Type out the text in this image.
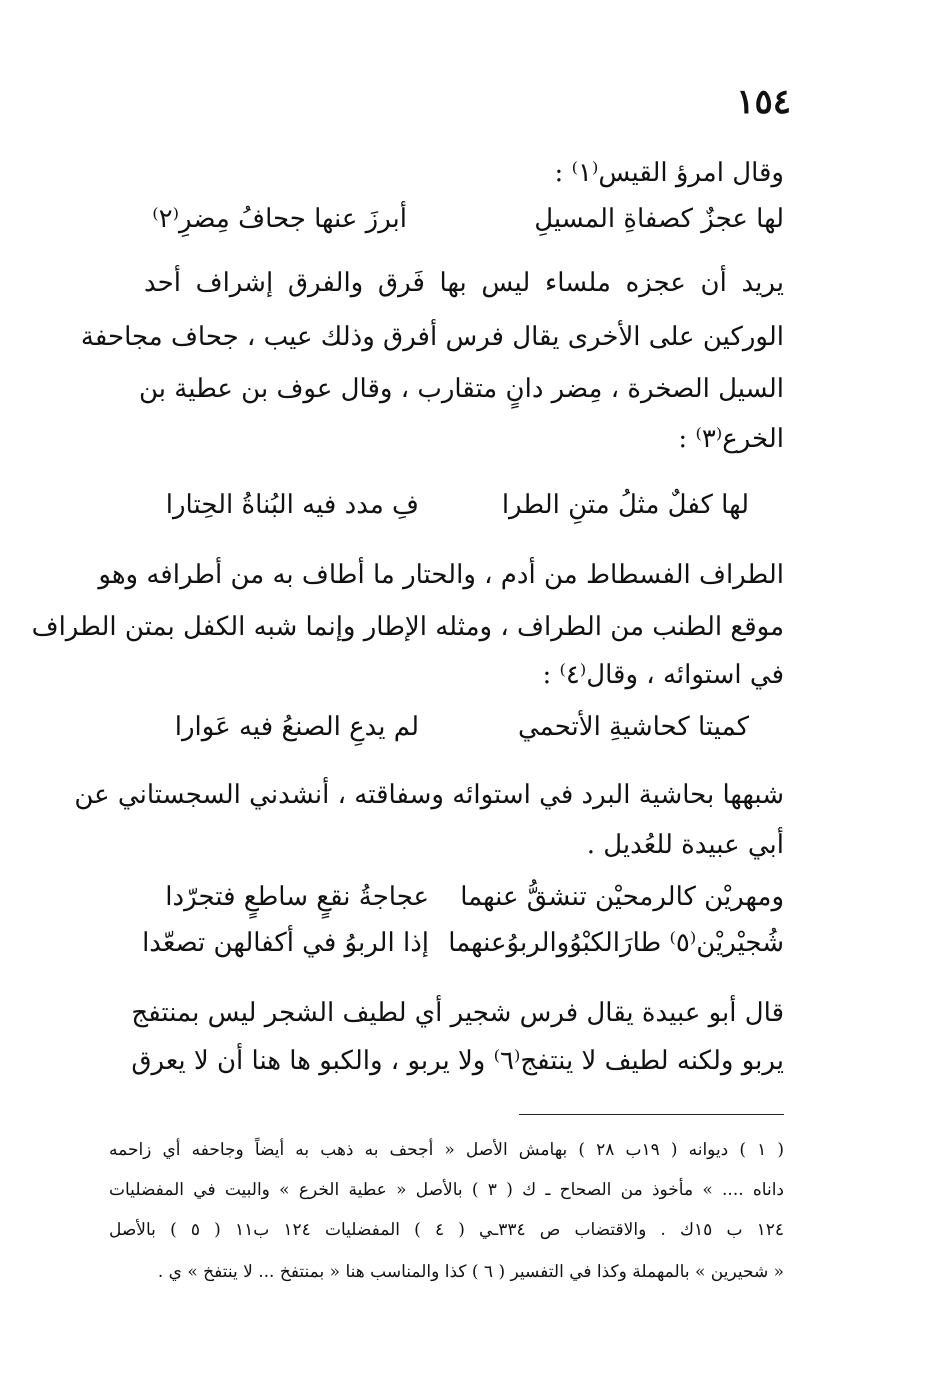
١٥٤
وقال امرؤ القيس⁽١⁾ :
لها عجزٌ كصفاةِ المسيلِ
أبرزَ عنها جحافُ مِضرِ⁽٢⁾
يريد أن عجزه ملساء ليس بها فَرق والفرق إشراف أحد
الوركين على الأخرى يقال فرس أفرق وذلك عيب ، جحاف مجاحفة
السيل الصخرة ، مِضر دانٍ متقارب ، وقال عوف بن عطية بن
الخرع⁽٣⁾ :
لها كفلٌ مثلُ متنِ الطرا
فِ مدد فيه البُناةُ الحِتارا
الطراف الفسطاط من أدم ، والحتار ما أطاف به من أطرافه وهو
موقع الطنب من الطراف ، ومثله الإطار وإنما شبه الكفل بمتن الطراف
في استوائه ، وقال⁽٤⁾ :
كميتا كحاشيةِ الأتحمي
لم يدعِ الصنعُ فيه عَوارا
شبهها بحاشية البرد في استوائه وسفاقته ، أنشدني السجستاني عن
أبي عبيدة للعُديل .
ومهريْن كالرمحيْن تنشقُّ عنهما
عجاجةُ نقعٍ ساطعٍ فتجرّدا
شُجيْريْن⁽٥⁾ طارَالكبْوُوالربوُعنهما
إذا الربوُ في أكفالهن تصعّدا
قال أبو عبيدة يقال فرس شجير أي لطيف الشجر ليس بمنتفج
يربو ولكنه لطيف لا ينتفج⁽٦⁾ ولا يربو ، والكبو ها هنا أن لا يعرق
( ١ ) ديوانه ( ١٩ب ٢٨ ) بهامش الأصل « أجحف به ذهب به أيضاً وجاحفه أي زاحمه
داناه .... » مأخوذ من الصحاح ـ ك ( ٣ ) بالأصل « عطية الخرع » والبيت في المفضليات
١٢٤ ب ١٥ك . والاقتضاب ص ٣٣٤ـي ( ٤ ) المفضليات ١٢٤ ب١١ ( ٥ ) بالأصل
« شحيرين » بالمهملة وكذا في التفسير ( ٦ ) كذا والمناسب هنا « بمنتفخ ... لا ينتفخ » ي .
